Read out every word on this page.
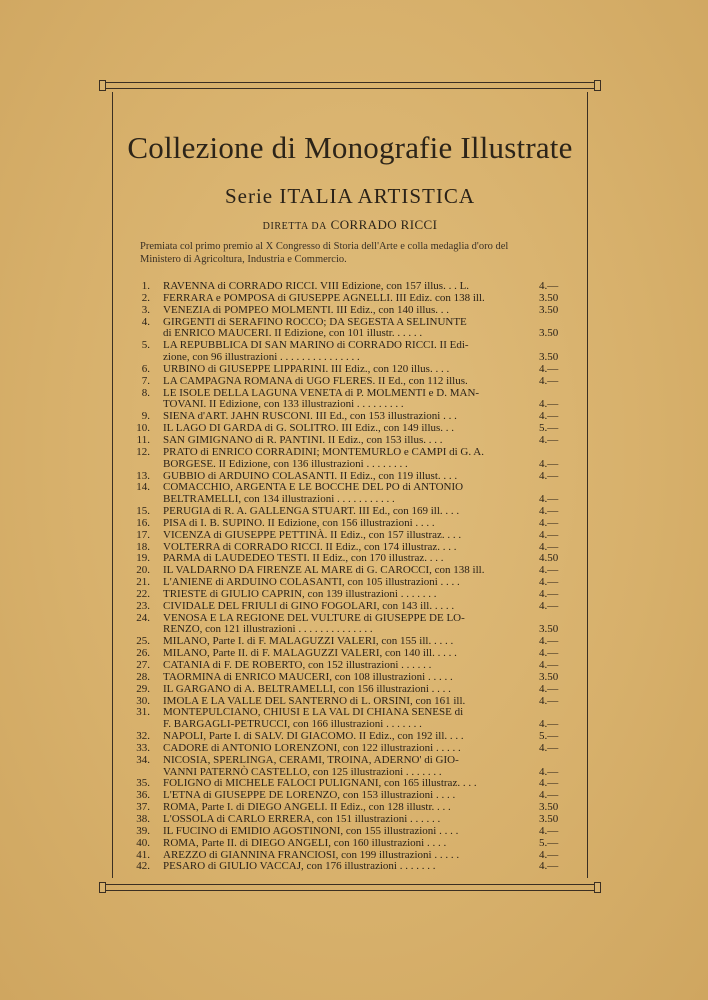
Collezione di Monografie Illustrate
Serie ITALIA ARTISTICA
DIRETTA DA CORRADO RICCI
Premiata col primo premio al X Congresso di Storia dell'Arte e colla medaglia d'oro del
Ministero di Agricoltura, Industria e Commercio.
1. RAVENNA di CORRADO RICCI. VIII Edizione, con 157 illus. . . L.	4.—
2. FERRARA e POMPOSA di GIUSEPPE AGNELLI. III Ediz. con 138 ill.	3.50
3. VENEZIA di POMPEO MOLMENTI. III Ediz., con 140 illus. . .	3.50
4. GIRGENTI di SERAFINO ROCCO; DA SEGESTA A SELINUNTE
di ENRICO MAUCERI. II Edizione, con 101 illustr. . . . . .	3.50
5. LA REPUBBLICA DI SAN MARINO di CORRADO RICCI. II Edi-
zione, con 96 illustrazioni . . . . . . . . . . . . . . .	3.50
6. URBINO di GIUSEPPE LIPPARINI. III Ediz., con 120 illus. . . .	4.—
7. LA CAMPAGNA ROMANA di UGO FLERES. II Ed., con 112 illus.	4.—
8. LE ISOLE DELLA LAGUNA VENETA di P. MOLMENTI e D. MAN-
TOVANI. II Edizione, con 133 illustrazioni . . . . . . . . .	4.—
9. SIENA d'ART. JAHN RUSCONI. III Ed., con 153 illustrazioni . . .	4.—
10. IL LAGO DI GARDA di G. SOLITRO. III Ediz., con 149 illus. . .	5.—
11. SAN GIMIGNANO di R. PANTINI. II Ediz., con 153 illus. . . .	4.—
12. PRATO di ENRICO CORRADINI; MONTEMURLO e CAMPI di G. A.
BORGESE. II Edizione, con 136 illustrazioni . . . . . . . .	4.—
13. GUBBIO di ARDUINO COLASANTI. II Ediz., con 119 illust. . . .	4.—
14. COMACCHIO, ARGENTA E LE BOCCHE DEL PO di ANTONIO
BELTRAMELLI, con 134 illustrazioni . . . . . . . . . . .	4.—
15. PERUGIA di R. A. GALLENGA STUART. III Ed., con 169 ill. . . .	4.—
16. PISA di I. B. SUPINO. II Edizione, con 156 illustrazioni . . . .	4.—
17. VICENZA di GIUSEPPE PETTINÀ. II Ediz., con 157 illustraz. . . .	4.—
18. VOLTERRA di CORRADO RICCI. II Ediz., con 174 illustraz. . . .	4.—
19. PARMA di LAUDEDEO TESTI. II Ediz., con 170 illustraz. . . .	4.50
20. IL VALDARNO DA FIRENZE AL MARE di G. CAROCCI, con 138 ill.	4.—
21. L'ANIENE di ARDUINO COLASANTI, con 105 illustrazioni . . . .	4.—
22. TRIESTE di GIULIO CAPRIN, con 139 illustrazioni . . . . . . .	4.—
23. CIVIDALE DEL FRIULI di GINO FOGOLARI, con 143 ill. . . . .	4.—
24. VENOSA E LA REGIONE DEL VULTURE di GIUSEPPE DE LO-
RENZO, con 121 illustrazioni . . . . . . . . . . . . . .	3.50
25. MILANO, Parte I. di F. MALAGUZZI VALERI, con 155 ill. . . . .	4.—
26. MILANO, Parte II. di F. MALAGUZZI VALERI, con 140 ill. . . . .	4.—
27. CATANIA di F. DE ROBERTO, con 152 illustrazioni . . . . . .	4.—
28. TAORMINA di ENRICO MAUCERI, con 108 illustrazioni . . . . .	3.50
29. IL GARGANO di A. BELTRAMELLI, con 156 illustrazioni . . . .	4.—
30. IMOLA E LA VALLE DEL SANTERNO di L. ORSINI, con 161 ill.	4.—
31. MONTEPULCIANO, CHIUSI E LA VAL DI CHIANA SENESE di
F. BARGAGLI-PETRUCCI, con 166 illustrazioni . . . . . . .	4.—
32. NAPOLI, Parte I. di SALV. DI GIACOMO. II Ediz., con 192 ill. . . .	5.—
33. CADORE di ANTONIO LORENZONI, con 122 illustrazioni . . . . .	4.—
34. NICOSIA, SPERLINGA, CERAMI, TROINA, ADERNO' di GIO-
VANNI PATERNÒ CASTELLO, con 125 illustrazioni . . . . . . .	4.—
35. FOLIGNO di MICHELE FALOCI PULIGNANI, con 165 illustraz. . . .	4.—
36. L'ETNA di GIUSEPPE DE LORENZO, con 153 illustrazioni . . . .	4.—
37. ROMA, Parte I. di DIEGO ANGELI. II Ediz., con 128 illustr. . . .	3.50
38. L'OSSOLA di CARLO ERRERA, con 151 illustrazioni . . . . . .	3.50
39. IL FUCINO di EMIDIO AGOSTINONI, con 155 illustrazioni . . . .	4.—
40. ROMA, Parte II. di DIEGO ANGELI, con 160 illustrazioni . . . .	5.—
41. AREZZO di GIANNINA FRANCIOSI, con 199 illustrazioni . . . . .	4.—
42. PESARO di GIULIO VACCAJ, con 176 illustrazioni . . . . . . .	4.—
